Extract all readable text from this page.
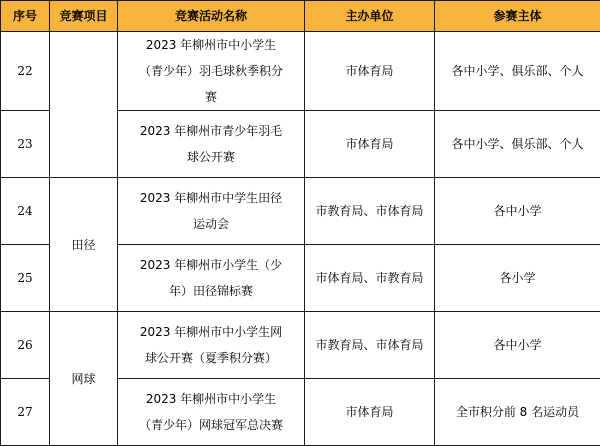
序号	竞赛项目	竞赛活动名称	主办单位	参赛主体
22		2023 年柳州市中小学生（青少年）羽毛球秋季积分赛	市体育局	各中小学、俱乐部、个人
23		2023 年柳州市青少年羽毛球公开赛	市体育局	各中小学、俱乐部、个人
24	田径	2023 年柳州市中学生田径运动会	市教育局、市体育局	各中小学
25		2023 年柳州市小学生（少年）田径锦标赛	市体育局、市教育局	各小学
26	网球	2023 年柳州市中小学生网球公开赛（夏季积分赛）	市教育局、市体育局	各中小学
27		2023 年柳州市中小学生（青少年）网球冠军总决赛	市体育局	全市积分前 8 名运动员
